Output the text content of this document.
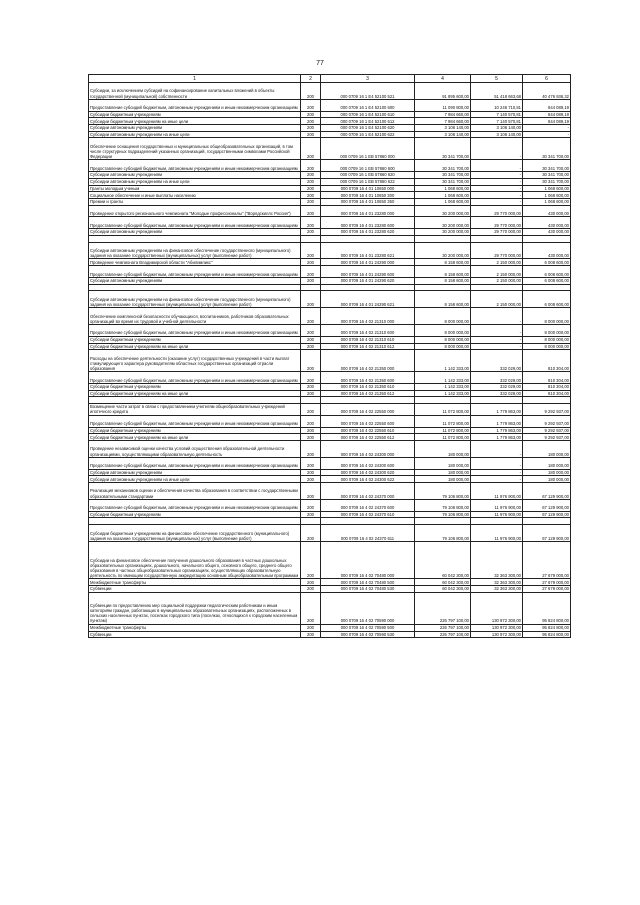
77
1	2	3	4	5	6
Субсидии, за исключением субсидий на софинансирование капитальных вложений в объекты государственной (муниципальной) собственности	200	000 0709 16 1 E4 52100 521	91 895 600,00	51 418 663,68	40 476 936,32
Предоставление субсидий бюджетным, автономным учреждениям и иным некоммерческим организациям	200	000 0709 16 1 E4 52100 600	11 090 800,00	10 246 710,81	844 089,19
Субсидии бюджетным учреждениям	200	000 0709 16 1 E4 52100 610	7 984 660,00	7 140 570,81	844 089,19
Субсидии бюджетным учреждениям на иные цели	200	000 0709 16 1 E4 52100 612	7 984 660,00	7 140 570,81	844 089,19
Субсидии автономным учреждениям	200	000 0709 16 1 E4 52100 620	3 106 140,00	3 106 140,00	-
Субсидии автономным учреждениям на иные цели	200	000 0709 16 1 E4 52100 622	3 106 140,00	3 106 140,00	-
Обеспечение оснащения государственных и муниципальных общеобразовательных организаций, в том числе структурных подразделений указанных организаций, государственными символами Российской Федерации	200	000 0709 16 1 EB 57860 000	30 341 700,00	-	30 341 700,00
Предоставление субсидий бюджетным, автономным учреждениям и иным некоммерческим организациям	200	000 0709 16 1 EB 57860 600	30 341 700,00	-	30 341 700,00
Субсидии автономным учреждениям	200	000 0709 16 1 EB 57860 620	30 341 700,00	-	30 341 700,00
Субсидии автономным учреждениям на иные цели	200	000 0709 16 1 EB 57860 622	30 341 700,00	-	30 341 700,00
Гранты молодым ученым	200	000 0709 16 4 01 10650 000	1 068 600,00	-	1 068 600,00
Социальное обеспечение и иные выплаты населению	200	000 0709 16 4 01 10650 300	1 068 600,00	-	1 068 600,00
Премии и гранты	200	000 0709 16 4 01 10650 350	1 068 600,00	-	1 068 600,00
Проведение открытого регионального чемпионата "Молодые профессионалы" ("Ворлдскиллс Россия")	200	000 0709 16 4 01 23280 000	30 200 000,00	29 770 000,00	430 000,00
Предоставление субсидий бюджетным, автономным учреждениям и иным некоммерческим организациям	200	000 0709 16 4 01 23280 600	30 200 000,00	29 770 000,00	430 000,00
Субсидии автономным учреждениям	200	000 0709 16 4 01 23280 620	30 200 000,00	29 770 000,00	430 000,00

Субсидии автономным учреждениям на финансовое обеспечение государственного (муниципального) задания на оказание государственных (муниципальных) услуг (выполнение работ)	200	000 0709 16 4 01 23280 621	30 200 000,00	29 770 000,00	430 000,00
Проведение чемпионата Владимирской области "Абилимпикс"	200	000 0709 16 4 01 24290 000	8 158 600,00	2 150 000,00	6 008 600,00
Предоставление субсидий бюджетным, автономным учреждениям и иным некоммерческим организациям	200	000 0709 16 4 01 24290 600	8 158 600,00	2 150 000,00	6 008 600,00
Субсидии автономным учреждениям	200	000 0709 16 4 01 24290 620	8 158 600,00	2 150 000,00	6 008 600,00

Субсидии автономным учреждениям на финансовое обеспечение государственного (муниципального) задания на оказание государственных (муниципальных) услуг (выполнение работ)	200	000 0709 16 4 01 24290 621	8 158 600,00	2 150 000,00	6 008 600,00
Обеспечение комплексной безопасности обучающихся, воспитанников, работников образовательных организаций во время их трудовой и учебной деятельности	200	000 0709 16 4 02 21310 000	8 000 000,00	-	8 000 000,00
Предоставление субсидий бюджетным, автономным учреждениям и иным некоммерческим организациям	200	000 0709 16 4 02 21310 600	8 000 000,00	-	8 000 000,00
Субсидии бюджетным учреждениям	200	000 0709 16 4 02 21310 610	8 000 000,00	-	8 000 000,00
Субсидии бюджетным учреждениям на иные цели	200	000 0709 16 4 02 21310 612	8 000 000,00	-	8 000 000,00
Расходы на обеспечение деятельности (оказание услуг) государственных учреждений в части выплат стимулирующего характера руководителям областных государственных организаций отрасли образования	200	000 0709 16 4 02 21350 000	1 142 333,00	332 029,00	810 304,00
Предоставление субсидий бюджетным, автономным учреждениям и иным некоммерческим организациям	200	000 0709 16 4 02 21350 600	1 142 333,00	332 029,00	810 304,00
Субсидии бюджетным учреждениям	200	000 0709 16 4 02 21350 610	1 142 333,00	332 029,00	810 304,00
Субсидии бюджетным учреждениям на иные цели	200	000 0709 16 4 02 21350 612	1 142 333,00	332 029,00	810 304,00

Возмещение части затрат в связи с предоставлением учителям общеобразовательных учреждений ипотечного кредита	200	000 0709 16 4 02 22550 000	11 072 800,00	1 779 863,00	9 292 937,00
Предоставление субсидий бюджетным, автономным учреждениям и иным некоммерческим организациям	200	000 0709 16 4 02 22550 600	11 072 800,00	1 779 863,00	9 292 937,00
Субсидии бюджетным учреждениям	200	000 0709 16 4 02 22550 610	11 072 800,00	1 779 863,00	9 292 937,00
Субсидии бюджетным учреждениям на иные цели	200	000 0709 16 4 02 22550 612	11 072 800,00	1 779 863,00	9 292 937,00
Проведение независимой оценки качества условий осуществления образовательной деятельности организациями, осуществляющими образовательную деятельность	200	000 0709 16 4 02 24300 000	180 000,00	-	180 000,00
Предоставление субсидий бюджетным, автономным учреждениям и иным некоммерческим организациям	200	000 0709 16 4 02 24300 600	180 000,00	-	180 000,00
Субсидии автономным учреждениям	200	000 0709 16 4 02 24300 620	180 000,00	-	180 000,00
Субсидии автономным учреждениям на иные цели	200	000 0709 16 4 02 24300 622	180 000,00	-	180 000,00
Реализация механизмов оценки и обеспечения качества образования в соответствии с государственными образовательными стандартами	200	000 0709 16 4 02 24370 000	79 106 800,00	11 976 900,00	67 129 900,00
Предоставление субсидий бюджетным, автономным учреждениям и иным некоммерческим организациям	200	000 0709 16 4 02 24370 600	79 106 800,00	11 976 900,00	67 129 900,00
Субсидии бюджетным учреждениям	200	000 0709 16 4 02 24370 610	79 106 800,00	11 976 900,00	67 129 900,00

Субсидии бюджетным учреждениям на финансовое обеспечение государственного (муниципального) задания на оказание государственных (муниципальных) услуг (выполнение работ)	200	000 0709 16 4 02 24370 611	79 106 800,00	11 976 900,00	67 129 900,00
Субсидии на финансовое обеспечение получения дошкольного образования в частных дошкольных образовательных организациях, дошкольного, начального общего, основного общего, среднего общего образования в частных общеобразовательных организациях, осуществляющих образовательную деятельность по имеющим государственную аккредитацию основным общеобразовательным программам	200	000 0709 16 4 02 70480 000	60 042 300,00	32 363 300,00	27 679 000,00
Межбюджетные трансферты	200	000 0709 16 4 02 70480 500	60 042 300,00	32 363 300,00	27 679 000,00
Субвенции	200	000 0709 16 4 02 70480 530	60 042 300,00	32 363 300,00	27 679 000,00
Субвенции по предоставлению мер социальной поддержки педагогическим работникам и иным категориям граждан, работающих в муниципальных образовательных организациях, расположенных в сельских населенных пунктах, поселках городского типа (поселках, относящихся к городским населенным пунктам)	200	000 0709 16 4 02 70590 000	226 797 100,00	130 972 300,00	95 824 800,00
Межбюджетные трансферты	200	000 0709 16 4 02 70590 500	226 797 100,00	130 972 300,00	95 824 800,00
Субвенции	200	000 0709 16 4 02 70590 530	226 797 100,00	130 972 300,00	95 824 800,00
